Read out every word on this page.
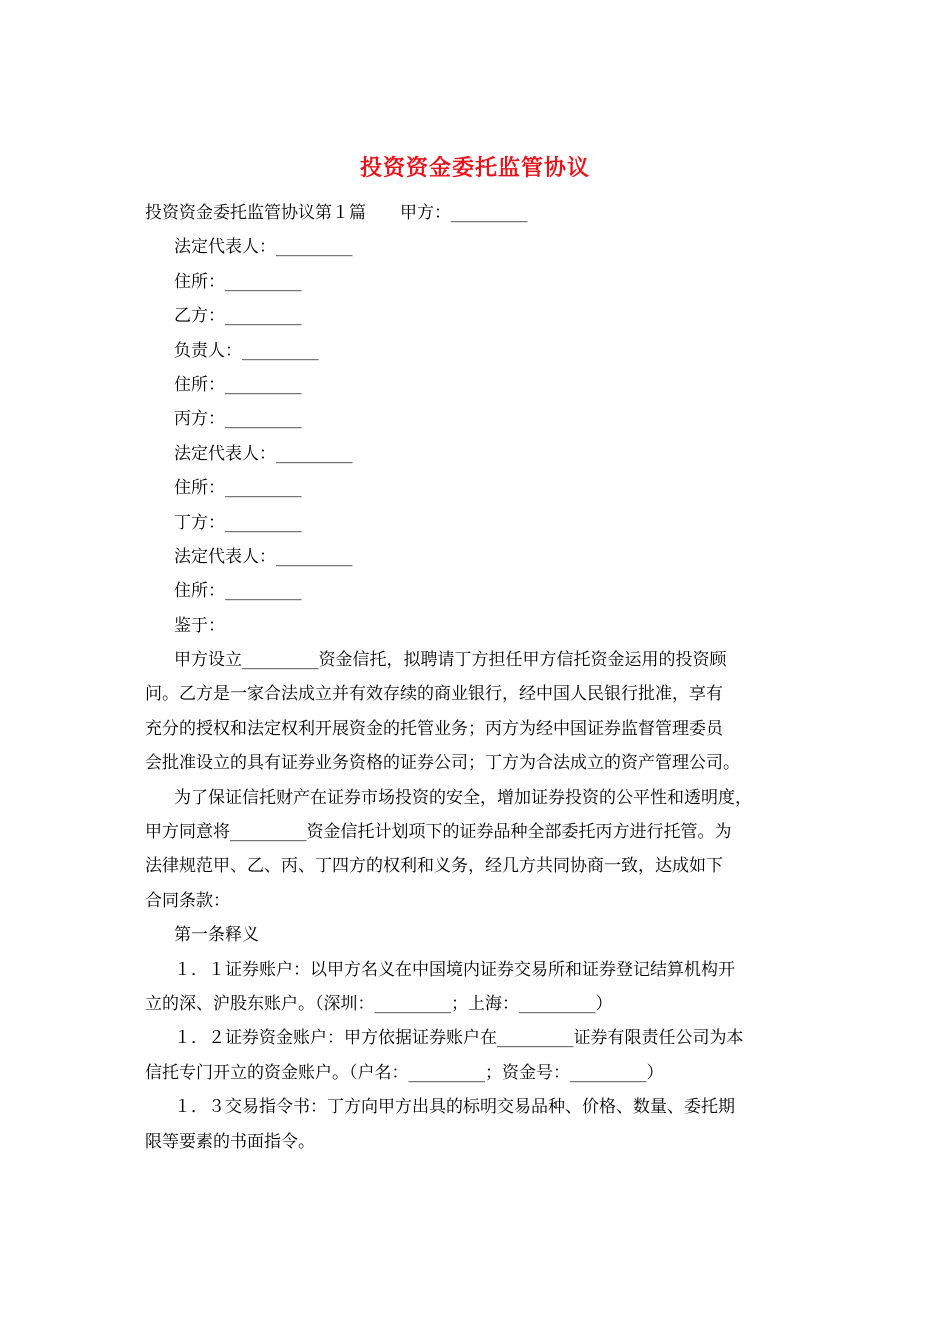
投资资金委托监管协议
投资资金委托监管协议第１篇　　甲方：_________
法定代表人：_________
住所：_________
乙方：_________
负责人：_________
住所：_________
丙方：_________
法定代表人：_________
住所：_________
丁方：_________
法定代表人：_________
住所：_________
鉴于：
甲方设立_________资金信托，拟聘请丁方担任甲方信托资金运用的投资顾
问。乙方是一家合法成立并有效存续的商业银行，经中国人民银行批准，享有
充分的授权和法定权利开展资金的托管业务；丙方为经中国证券监督管理委员
会批准设立的具有证券业务资格的证券公司；丁方为合法成立的资产管理公司。
为了保证信托财产在证券市场投资的安全，增加证券投资的公平性和透明度，
甲方同意将_________资金信托计划项下的证券品种全部委托丙方进行托管。为
法律规范甲、乙、丙、丁四方的权利和义务，经几方共同协商一致，达成如下
合同条款：
第一条释义
１．１证券账户：以甲方名义在中国境内证券交易所和证券登记结算机构开
立的深、沪股东账户。（深圳：_________；上海：_________）
１．２证券资金账户：甲方依据证券账户在_________证券有限责任公司为本
信托专门开立的资金账户。（户名：_________；资金号：_________）
１．３交易指令书：丁方向甲方出具的标明交易品种、价格、数量、委托期
限等要素的书面指令。
